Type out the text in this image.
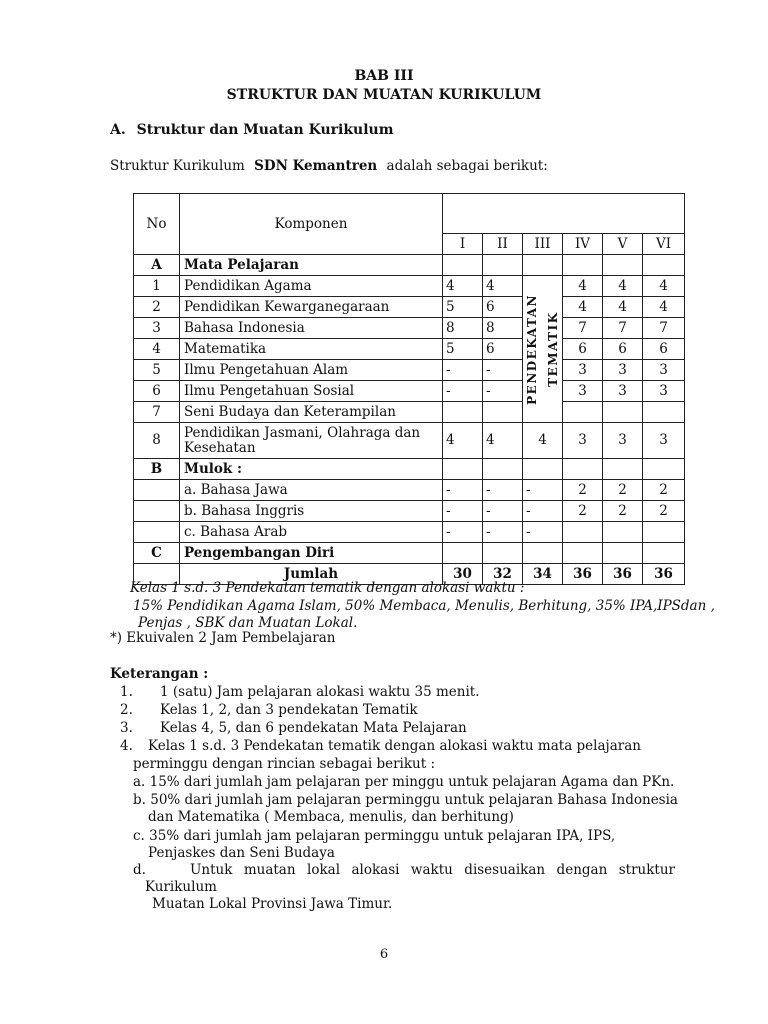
BAB III
STRUKTUR DAN MUATAN KURIKULUM
A. Struktur dan Muatan Kurikulum
Struktur Kurikulum SDN Kemantren adalah sebagai berikut:
No	Komponen						
		I	II	III	IV	V	VI
A	Mata Pelajaran						
1	Pendidikan Agama	4	4	PENDEKATAN TEMATIK	4	4	4
2	Pendidikan Kewarganegaraan	5	6		4	4	4
3	Bahasa Indonesia	8	8		7	7	7
4	Matematika	5	6		6	6	6
5	Ilmu Pengetahuan Alam	-	-		3	3	3
6	Ilmu Pengetahuan Sosial	-	-		3	3	3
7	Seni Budaya dan Keterampilan						
8	Pendidikan Jasmani, Olahraga dan Kesehatan	4	4	4	3	3	3
B	Mulok :						
	a. Bahasa Jawa	-	-	-	2	2	2
	b. Bahasa Inggris	-	-	-	2	2	2
	c. Bahasa Arab	-	-	-			
C	Pengembangan Diri						
	Jumlah	30	32	34	36	36	36
Kelas 1 s.d. 3 Pendekatan tematik dengan alokasi waktu :
15% Pendidikan Agama Islam, 50% Membaca, Menulis, Berhitung, 35% IPA,IPSdan ,
Penjas , SBK dan Muatan Lokal.
*) Ekuivalen 2 Jam Pembelajaran
Keterangan :
1. 1 (satu) Jam pelajaran alokasi waktu 35 menit.
2. Kelas 1, 2, dan 3 pendekatan Tematik
3. Kelas 4, 5, dan 6 pendekatan Mata Pelajaran
4. Kelas 1 s.d. 3 Pendekatan tematik dengan alokasi waktu mata pelajaran
perminggu dengan rincian sebagai berikut :
a. 15% dari jumlah jam pelajaran per minggu untuk pelajaran Agama dan PKn.
b. 50% dari jumlah jam pelajaran perminggu untuk pelajaran Bahasa Indonesia
dan Matematika ( Membaca, menulis, dan berhitung)
c. 35% dari jumlah jam pelajaran perminggu untuk pelajaran IPA, IPS,
Penjaskes dan Seni Budaya
d.	Untuk muatan lokal alokasi waktu disesuaikan dengan struktur
Kurikulum
Muatan Lokal Provinsi Jawa Timur.
6
